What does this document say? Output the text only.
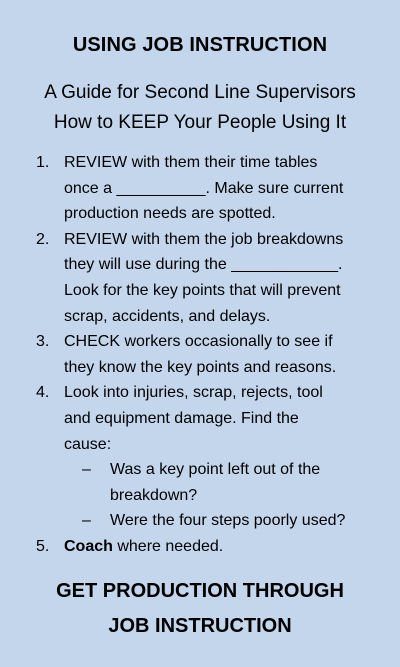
USING JOB INSTRUCTION
A Guide for Second Line Supervisors
How to KEEP Your People Using It
1. REVIEW with them their time tables
once a __________. Make sure current
production needs are spotted.
2. REVIEW with them the job breakdowns
they will use during the ____________.
Look for the key points that will prevent
scrap, accidents, and delays.
3. CHECK workers occasionally to see if
they know the key points and reasons.
4. Look into injuries, scrap, rejects, tool
and equipment damage. Find the
cause:
– Was a key point left out of the
breakdown?
– Were the four steps poorly used?
5. Coach where needed.
GET PRODUCTION THROUGH
JOB INSTRUCTION
